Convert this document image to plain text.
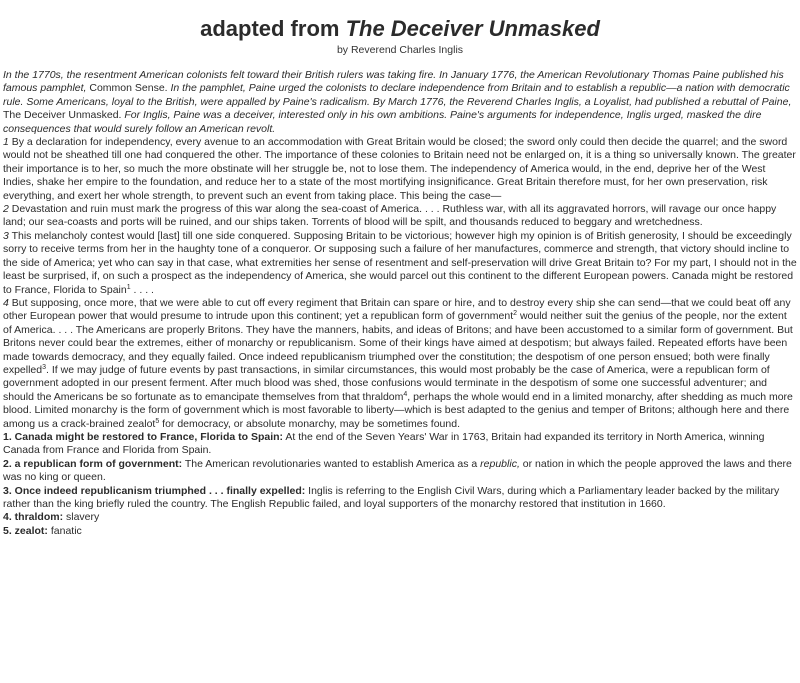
adapted from The Deceiver Unmasked
by Reverend Charles Inglis

In the 1770s, the resentment American colonists felt toward their British rulers was taking fire. In January 1776, the American Revolutionary Thomas Paine published his famous pamphlet, Common Sense. In the pamphlet, Paine urged the colonists to declare independence from Britain and to establish a republic—a nation with democratic rule. Some Americans, loyal to the British, were appalled by Paine's radicalism. By March 1776, the Reverend Charles Inglis, a Loyalist, had published a rebuttal of Paine, The Deceiver Unmasked. For Inglis, Paine was a deceiver, interested only in his own ambitions. Paine's arguments for independence, Inglis urged, masked the dire consequences that would surely follow an American revolt.

1 By a declaration for independency, every avenue to an accommodation with Great Britain would be closed; the sword only could then decide the quarrel; and the sword would not be sheathed till one had conquered the other. The importance of these colonies to Britain need not be enlarged on, it is a thing so universally known. The greater their importance is to her, so much the more obstinate will her struggle be, not to lose them. The independency of America would, in the end, deprive her of the West Indies, shake her empire to the foundation, and reduce her to a state of the most mortifying insignificance. Great Britain therefore must, for her own preservation, risk everything, and exert her whole strength, to prevent such an event from taking place. This being the case—

2 Devastation and ruin must mark the progress of this war along the sea-coast of America. . . . Ruthless war, with all its aggravated horrors, will ravage our once happy land; our sea-coasts and ports will be ruined, and our ships taken. Torrents of blood will be spilt, and thousands reduced to beggary and wretchedness.

3 This melancholy contest would [last] till one side conquered. Supposing Britain to be victorious; however high my opinion is of British generosity, I should be exceedingly sorry to receive terms from her in the haughty tone of a conqueror. Or supposing such a failure of her manufactures, commerce and strength, that victory should incline to the side of America; yet who can say in that case, what extremities her sense of resentment and self-preservation will drive Great Britain to? For my part, I should not in the least be surprised, if, on such a prospect as the independency of America, she would parcel out this continent to the different European powers. Canada might be restored to France, Florida to Spain$^1$ . . . .

4 But supposing, once more, that we were able to cut off every regiment that Britain can spare or hire, and to destroy every ship she can send—that we could beat off any other European power that would presume to intrude upon this continent; yet a republican form of government$^2$ would neither suit the genius of the people, nor the extent of America. . . . The Americans are properly Britons. They have the manners, habits, and ideas of Britons; and have been accustomed to a similar form of government. But Britons never could bear the extremes, either of monarchy or republicanism. Some of their kings have aimed at despotism; but always failed. Repeated efforts have been made towards democracy, and they equally failed. Once indeed republicanism triumphed over the constitution; the despotism of one person ensued; both were finally expelled$^3$. If we may judge of future events by past transactions, in similar circumstances, this would most probably be the case of America, were a republican form of government adopted in our present ferment. After much blood was shed, those confusions would terminate in the despotism of some one successful adventurer; and should the Americans be so fortunate as to emancipate themselves from that thraldom$^4$, perhaps the whole would end in a limited monarchy, after shedding as much more blood. Limited monarchy is the form of government which is most favorable to liberty—which is best adapted to the genius and temper of Britons; although here and there among us a crack-brained zealot$^5$ for democracy, or absolute monarchy, may be sometimes found.

1. Canada might be restored to France, Florida to Spain: At the end of the Seven Years' War in 1763, Britain had expanded its territory in North America, winning Canada from France and Florida from Spain.

2. a republican form of government: The American revolutionaries wanted to establish America as a republic, or nation in which the people approved the laws and there was no king or queen.

3. Once indeed republicanism triumphed . . . finally expelled: Inglis is referring to the English Civil Wars, during which a Parliamentary leader backed by the military rather than the king briefly ruled the country. The English Republic failed, and loyal supporters of the monarchy restored that institution in 1660.

4. thraldom: slavery

5. zealot: fanatic
